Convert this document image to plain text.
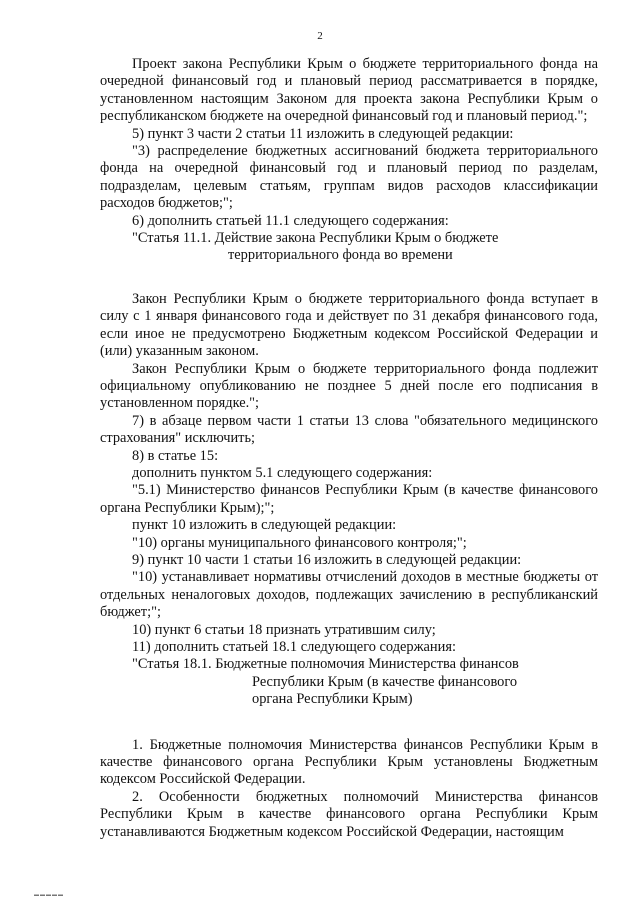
2

Проект закона Республики Крым о бюджете территориального фонда на очередной финансовый год и плановый период рассматривается в порядке, установленном настоящим Законом для проекта закона Республики Крым о республиканском бюджете на очередной финансовый год и плановый период.";

5) пункт 3 части 2 статьи 11 изложить в следующей редакции:

"3) распределение бюджетных ассигнований бюджета территориального фонда на очередной финансовый год и плановый период по разделам, подразделам, целевым статьям, группам видов расходов классификации расходов бюджетов;";

6) дополнить статьей 11.1 следующего содержания:

"Статья 11.1. Действие закона Республики Крым о бюджете
территориального фонда во времени

Закон Республики Крым о бюджете территориального фонда вступает в силу с 1 января финансового года и действует по 31 декабря финансового года, если иное не предусмотрено Бюджетным кодексом Российской Федерации и (или) указанным законом.

Закон Республики Крым о бюджете территориального фонда подлежит официальному опубликованию не позднее 5 дней после его подписания в установленном порядке.";

7) в абзаце первом части 1 статьи 13 слова "обязательного медицинского страхования" исключить;

8) в статье 15:

дополнить пунктом 5.1 следующего содержания:

"5.1) Министерство финансов Республики Крым (в качестве финансового органа Республики Крым);";

пункт 10 изложить в следующей редакции:

"10) органы муниципального финансового контроля;";

9) пункт 10 части 1 статьи 16 изложить в следующей редакции:

"10) устанавливает нормативы отчислений доходов в местные бюджеты от отдельных неналоговых доходов, подлежащих зачислению в республиканский бюджет;";

10) пункт 6 статьи 18 признать утратившим силу;

11) дополнить статьей 18.1 следующего содержания:

"Статья 18.1. Бюджетные полномочия Министерства финансов
Республики Крым (в качестве финансового
органа Республики Крым)

1. Бюджетные полномочия Министерства финансов Республики Крым в качестве финансового органа Республики Крым установлены Бюджетным кодексом Российской Федерации.

2. Особенности бюджетных полномочий Министерства финансов Республики Крым в качестве финансового органа Республики Крым устанавливаются Бюджетным кодексом Российской Федерации, настоящим

▬▬▬▬▬
